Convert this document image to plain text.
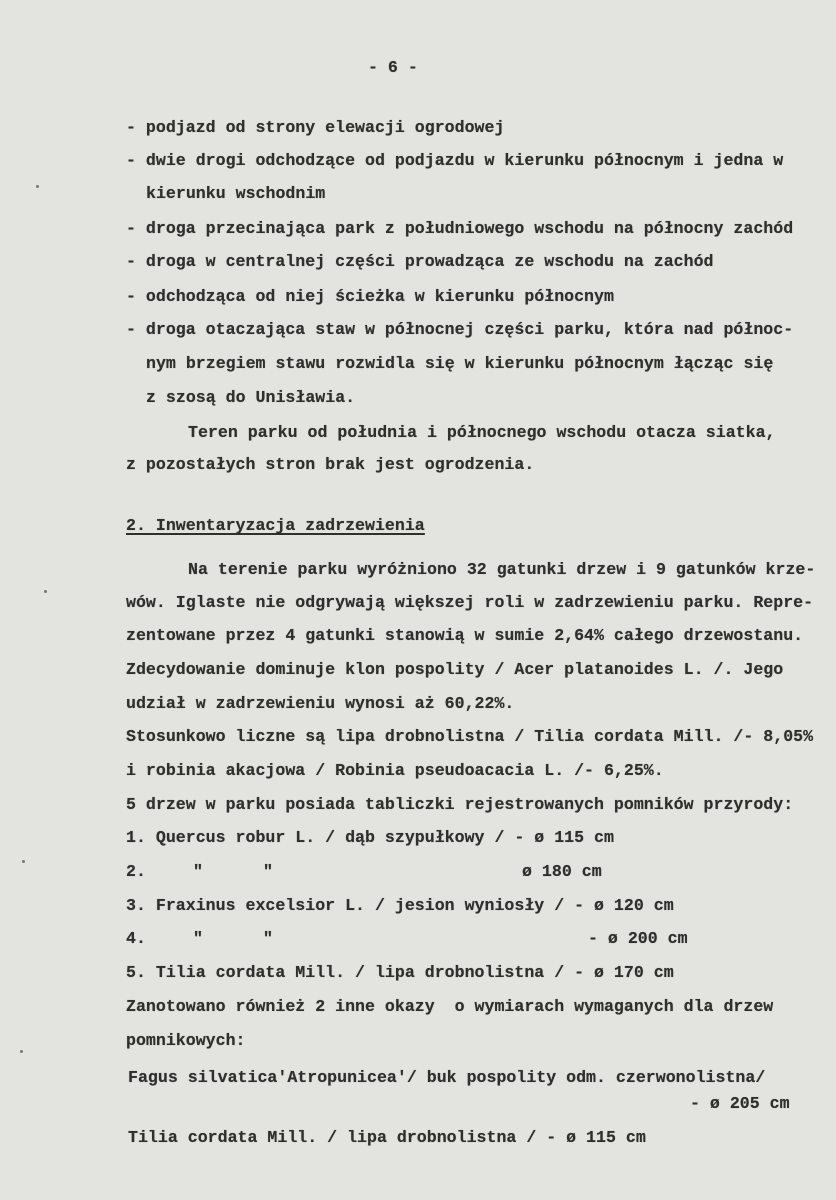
- 6 -
- podjazd od strony elewacji ogrodowej
- dwie drogi odchodzące od podjazdu w kierunku północnym i jedna w
kierunku wschodnim
- droga przecinająca park z południowego wschodu na północny zachód
- droga w centralnej części prowadząca ze wschodu na zachód
- odchodząca od niej ścieżka w kierunku północnym
- droga otaczająca staw w północnej części parku, która nad północ-
nym brzegiem stawu rozwidla się w kierunku północnym łącząc się
z szosą do Unisławia.
Teren parku od południa i północnego wschodu otacza siatka,
z pozostałych stron brak jest ogrodzenia.
2. Inwentaryzacja zadrzewienia
Na terenie parku wyróżniono 32 gatunki drzew i 9 gatunków krze-
wów. Iglaste nie odgrywają większej roli w zadrzewieniu parku. Repre-
zentowane przez 4 gatunki stanowią w sumie 2,64% całego drzewostanu.
Zdecydowanie dominuje klon pospolity / Acer platanoides L. /. Jego
udział w zadrzewieniu wynosi aż 60,22%.
Stosunkowo liczne są lipa drobnolistna / Tilia cordata Mill. /- 8,05%
i robinia akacjowa / Robinia pseudoacacia L. /- 6,25%.
5 drzew w parku posiada tabliczki rejestrowanych pomników przyrody:
1. Quercus robur L. / dąb szypułkowy / - ø 115 cm
2.	"	"	ø 180 cm
3. Fraxinus excelsior L. / jesion wyniosły / - ø 120 cm
4.	"	"	- ø 200 cm
5. Tilia cordata Mill. / lipa drobnolistna / - ø 170 cm
Zanotowano również 2 inne okazy  o wymiarach wymaganych dla drzew
pomnikowych:
Fagus silvatica'Atropunicea'/ buk pospolity odm. czerwonolistna/
- ø 205 cm
Tilia cordata Mill. / lipa drobnolistna / - ø 115 cm
